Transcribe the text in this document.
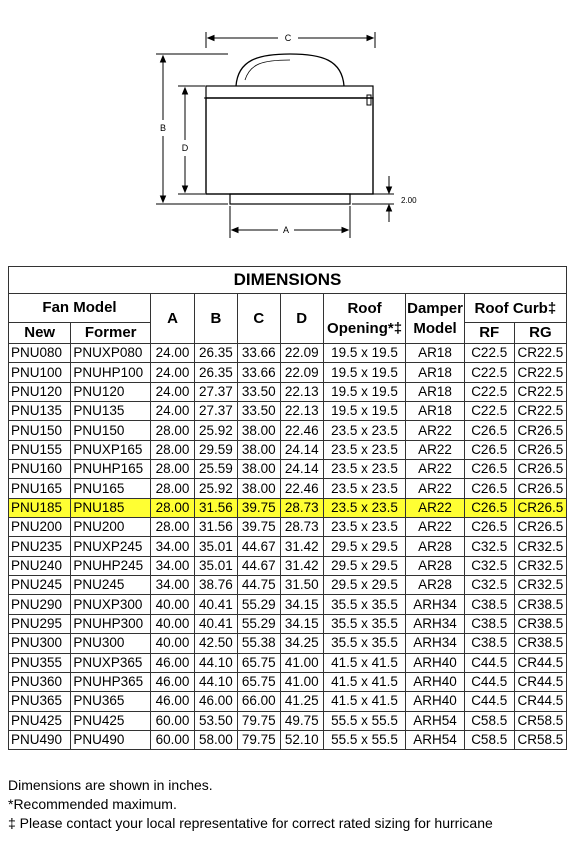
C
B
D
2.00
A
DIMENSIONS									
Fan Model		A	B	C	D	Roof Opening*‡	Damper Model	Roof Curb‡	
New	Former							RF	RG
PNU080	PNUXP080	24.00	26.35	33.66	22.09	19.5 x 19.5	AR18	C22.5	CR22.5
PNU100	PNUHP100	24.00	26.35	33.66	22.09	19.5 x 19.5	AR18	C22.5	CR22.5
PNU120	PNU120	24.00	27.37	33.50	22.13	19.5 x 19.5	AR18	C22.5	CR22.5
PNU135	PNU135	24.00	27.37	33.50	22.13	19.5 x 19.5	AR18	C22.5	CR22.5
PNU150	PNU150	28.00	25.92	38.00	22.46	23.5 x 23.5	AR22	C26.5	CR26.5
PNU155	PNUXP165	28.00	29.59	38.00	24.14	23.5 x 23.5	AR22	C26.5	CR26.5
PNU160	PNUHP165	28.00	25.59	38.00	24.14	23.5 x 23.5	AR22	C26.5	CR26.5
PNU165	PNU165	28.00	25.92	38.00	22.46	23.5 x 23.5	AR22	C26.5	CR26.5
PNU185	PNU185	28.00	31.56	39.75	28.73	23.5 x 23.5	AR22	C26.5	CR26.5
PNU200	PNU200	28.00	31.56	39.75	28.73	23.5 x 23.5	AR22	C26.5	CR26.5
PNU235	PNUXP245	34.00	35.01	44.67	31.42	29.5 x 29.5	AR28	C32.5	CR32.5
PNU240	PNUHP245	34.00	35.01	44.67	31.42	29.5 x 29.5	AR28	C32.5	CR32.5
PNU245	PNU245	34.00	38.76	44.75	31.50	29.5 x 29.5	AR28	C32.5	CR32.5
PNU290	PNUXP300	40.00	40.41	55.29	34.15	35.5 x 35.5	ARH34	C38.5	CR38.5
PNU295	PNUHP300	40.00	40.41	55.29	34.15	35.5 x 35.5	ARH34	C38.5	CR38.5
PNU300	PNU300	40.00	42.50	55.38	34.25	35.5 x 35.5	ARH34	C38.5	CR38.5
PNU355	PNUXP365	46.00	44.10	65.75	41.00	41.5 x 41.5	ARH40	C44.5	CR44.5
PNU360	PNUHP365	46.00	44.10	65.75	41.00	41.5 x 41.5	ARH40	C44.5	CR44.5
PNU365	PNU365	46.00	46.00	66.00	41.25	41.5 x 41.5	ARH40	C44.5	CR44.5
PNU425	PNU425	60.00	53.50	79.75	49.75	55.5 x 55.5	ARH54	C58.5	CR58.5
PNU490	PNU490	60.00	58.00	79.75	52.10	55.5 x 55.5	ARH54	C58.5	CR58.5
Dimensions are shown in inches.
*Recommended maximum.
‡ Please contact your local representative for correct rated sizing for hurricane
